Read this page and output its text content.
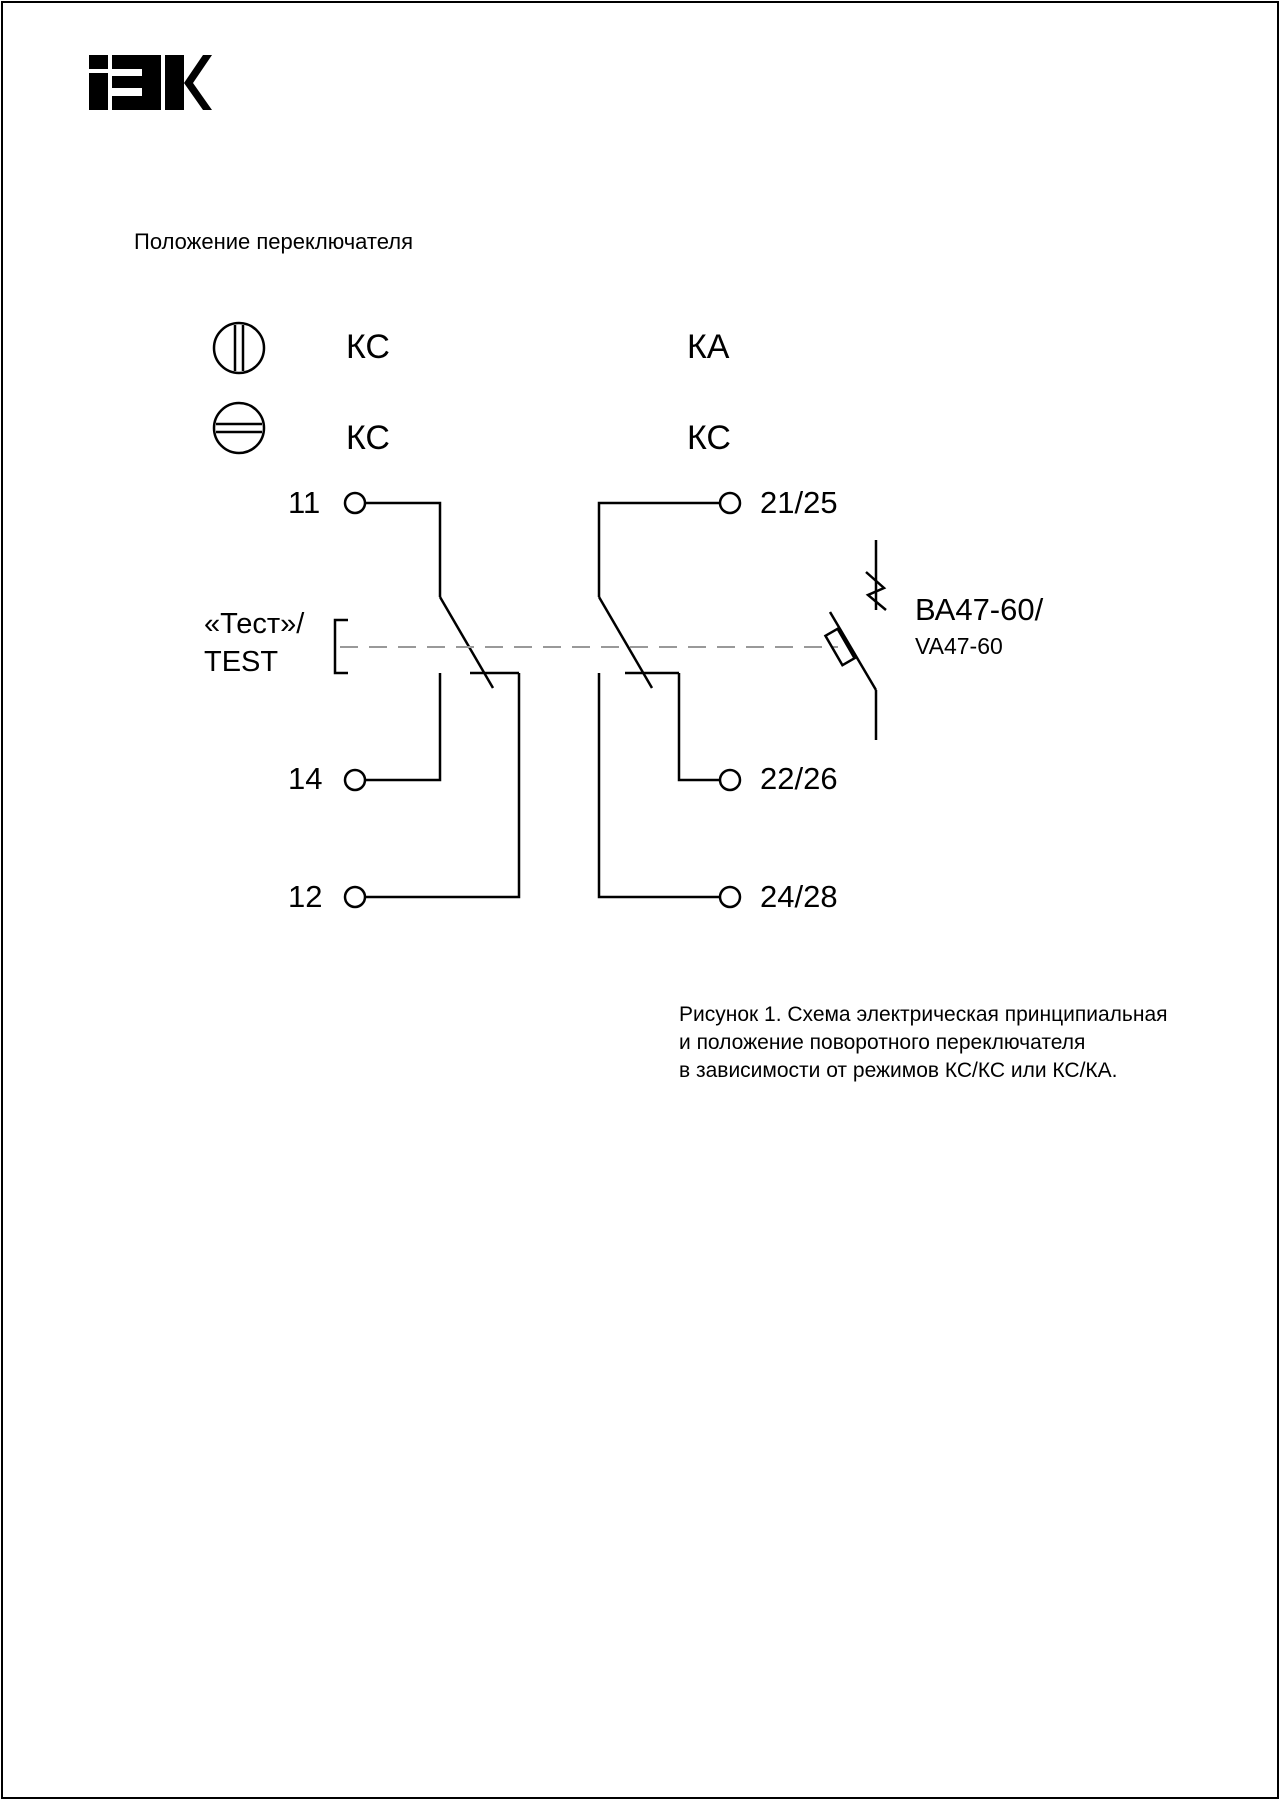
Положение переключателя
КС	КА
КС	КС
11
14
12
21/25
22/26
24/28
«Тест»/
TEST
ВА47-60/
VA47-60
Рисунок 1. Схема электрическая принципиальная
и положение поворотного переключателя
в зависимости от режимов КС/КС или КС/КА.
